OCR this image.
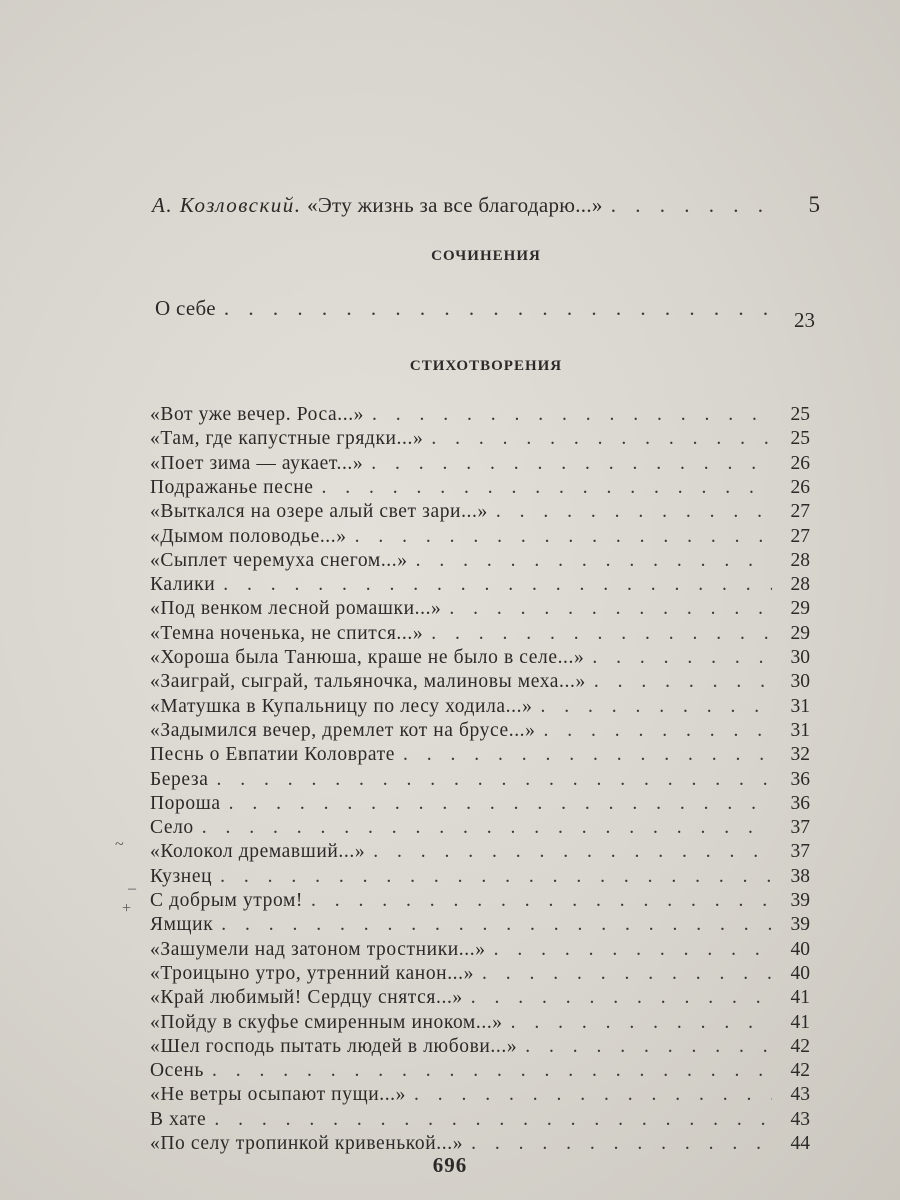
А. Козловский. «Эту жизнь за все благодарю...» . . .	5
СОЧИНЕНИЯ
О себе . . .	23
СТИХОТВОРЕНИЯ
«Вот уже вечер. Роса...» . . .	25
«Там, где капустные грядки...» . . .	25
«Поет зима — аукает...» . . .	26
Подражанье песне . . .	26
«Выткался на озере алый свет зари...» . . .	27
«Дымом половодье...» . . .	27
«Сыплет черемуха снегом...» . . .	28
Калики . . .	28
«Под венком лесной ромашки...» . . .	29
«Темна ноченька, не спится...» . . .	29
«Хороша была Танюша, краше не было в селе...» . . .	30
«Заиграй, сыграй, тальяночка, малиновы меха...» . . .	30
«Матушка в Купальницу по лесу ходила...» . . .	31
«Задымился вечер, дремлет кот на брусе...» . . .	31
Песнь о Евпатии Коловрате . . .	32
Береза . . .	36
Пороша . . .	36
Село . . .	37
«Колокол дремавший...» . . .	37
Кузнец . . .	38
С добрым утром! . . .	39
Ямщик . . .	39
«Зашумели над затоном тростники...» . . .	40
«Троицыно утро, утренний канон...» . . .	40
«Край любимый! Сердцу снятся...» . . .	41
«Пойду в скуфье смиренным иноком...» . . .	41
«Шел господь пытать людей в любови...» . . .	42
Осень . . .	42
«Не ветры осыпают пущи...» . . .	43
В хате . . .	43
«По селу тропинкой кривенькой...» . . .	44
~
–
+
696
